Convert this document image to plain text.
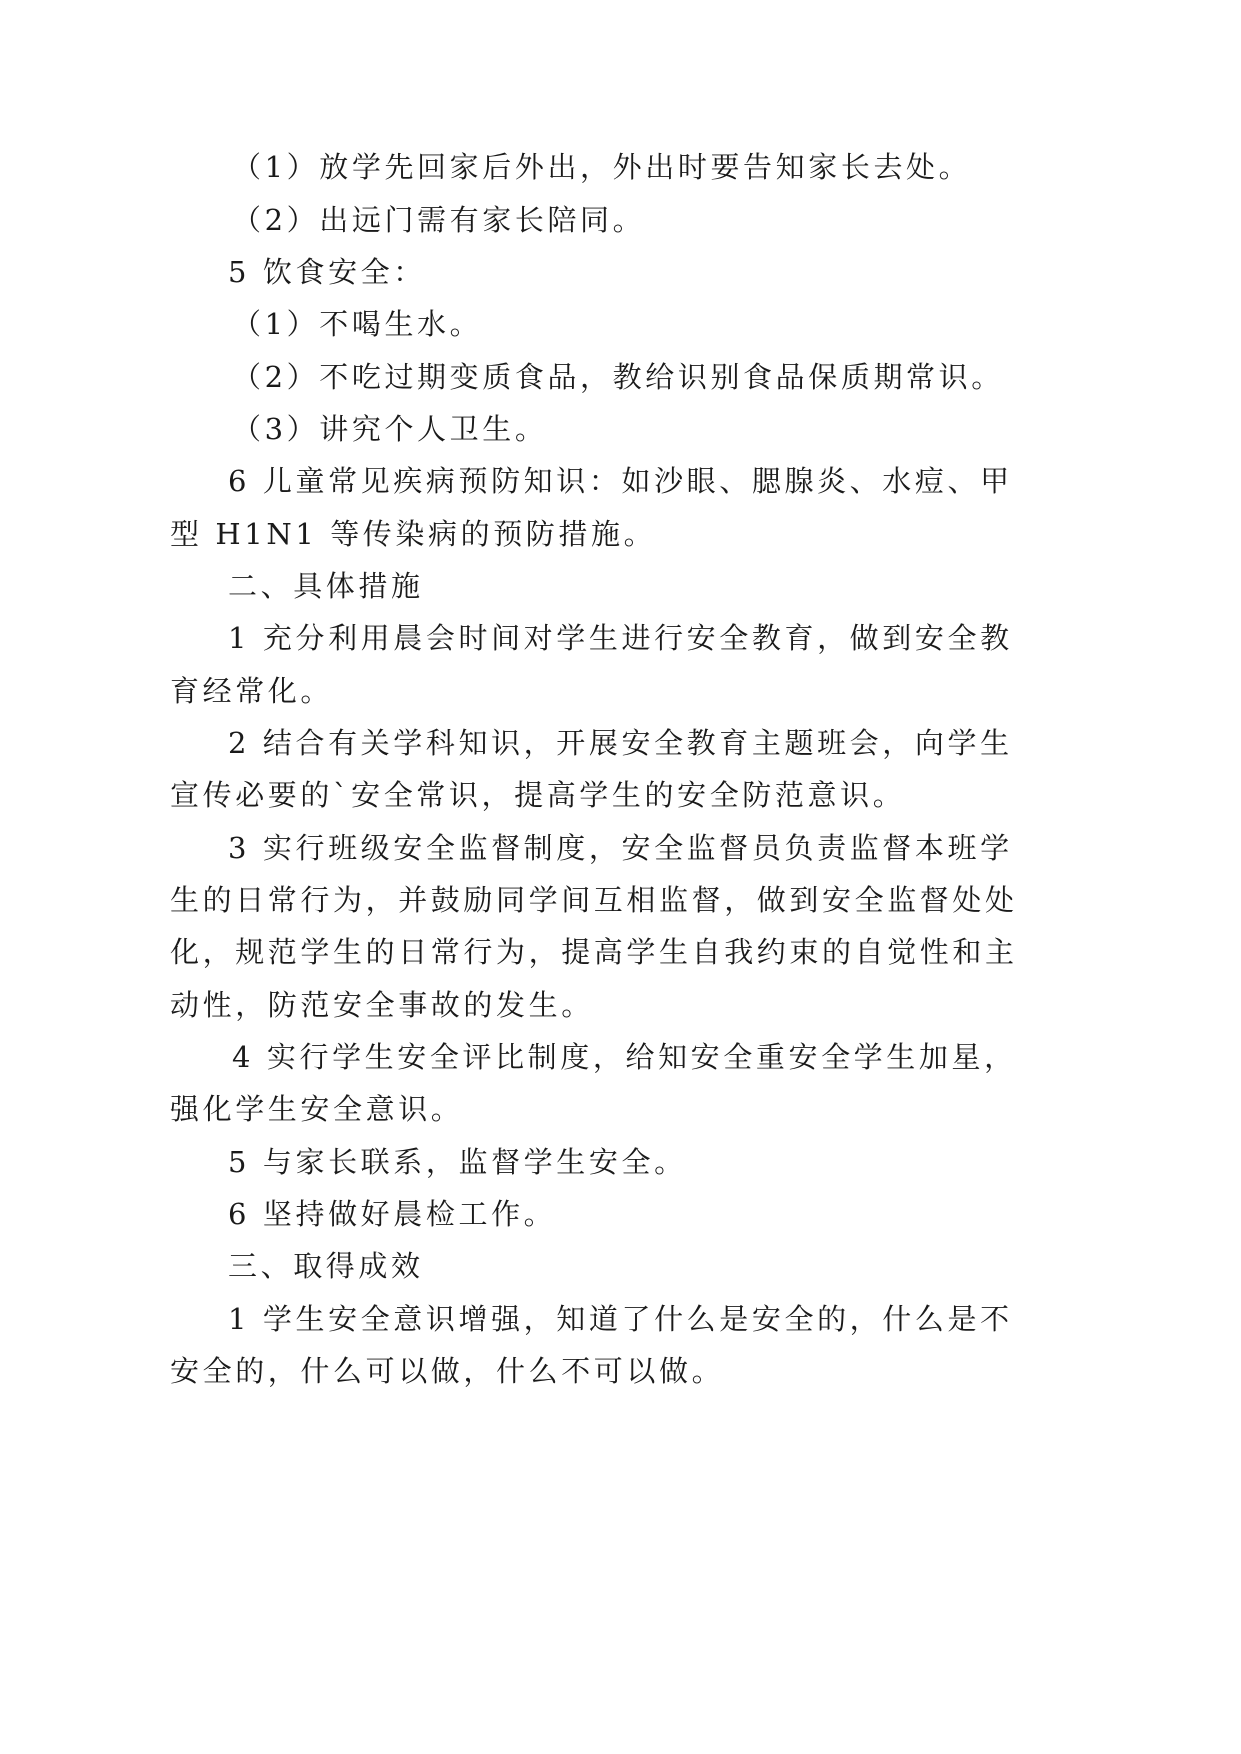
（1）放学先回家后外出，外出时要告知家长去处。
（2）出远门需有家长陪同。
5 饮食安全：
（1）不喝生水。
（2）不吃过期变质食品，教给识别食品保质期常识。
（3）讲究个人卫生。
6 儿童常见疾病预防知识：如沙眼、腮腺炎、水痘、甲
型 H1N1 等传染病的预防措施。
二、具体措施
1 充分利用晨会时间对学生进行安全教育，做到安全教
育经常化。
2 结合有关学科知识，开展安全教育主题班会，向学生
宣传必要的`安全常识，提高学生的安全防范意识。
3 实行班级安全监督制度，安全监督员负责监督本班学
生的日常行为，并鼓励同学间互相监督，做到安全监督处处
化，规范学生的日常行为，提高学生自我约束的自觉性和主
动性，防范安全事故的发生。
4 实行学生安全评比制度，给知安全重安全学生加星，
强化学生安全意识。
5 与家长联系，监督学生安全。
6 坚持做好晨检工作。
三、取得成效
1 学生安全意识增强，知道了什么是安全的，什么是不
安全的，什么可以做，什么不可以做。
